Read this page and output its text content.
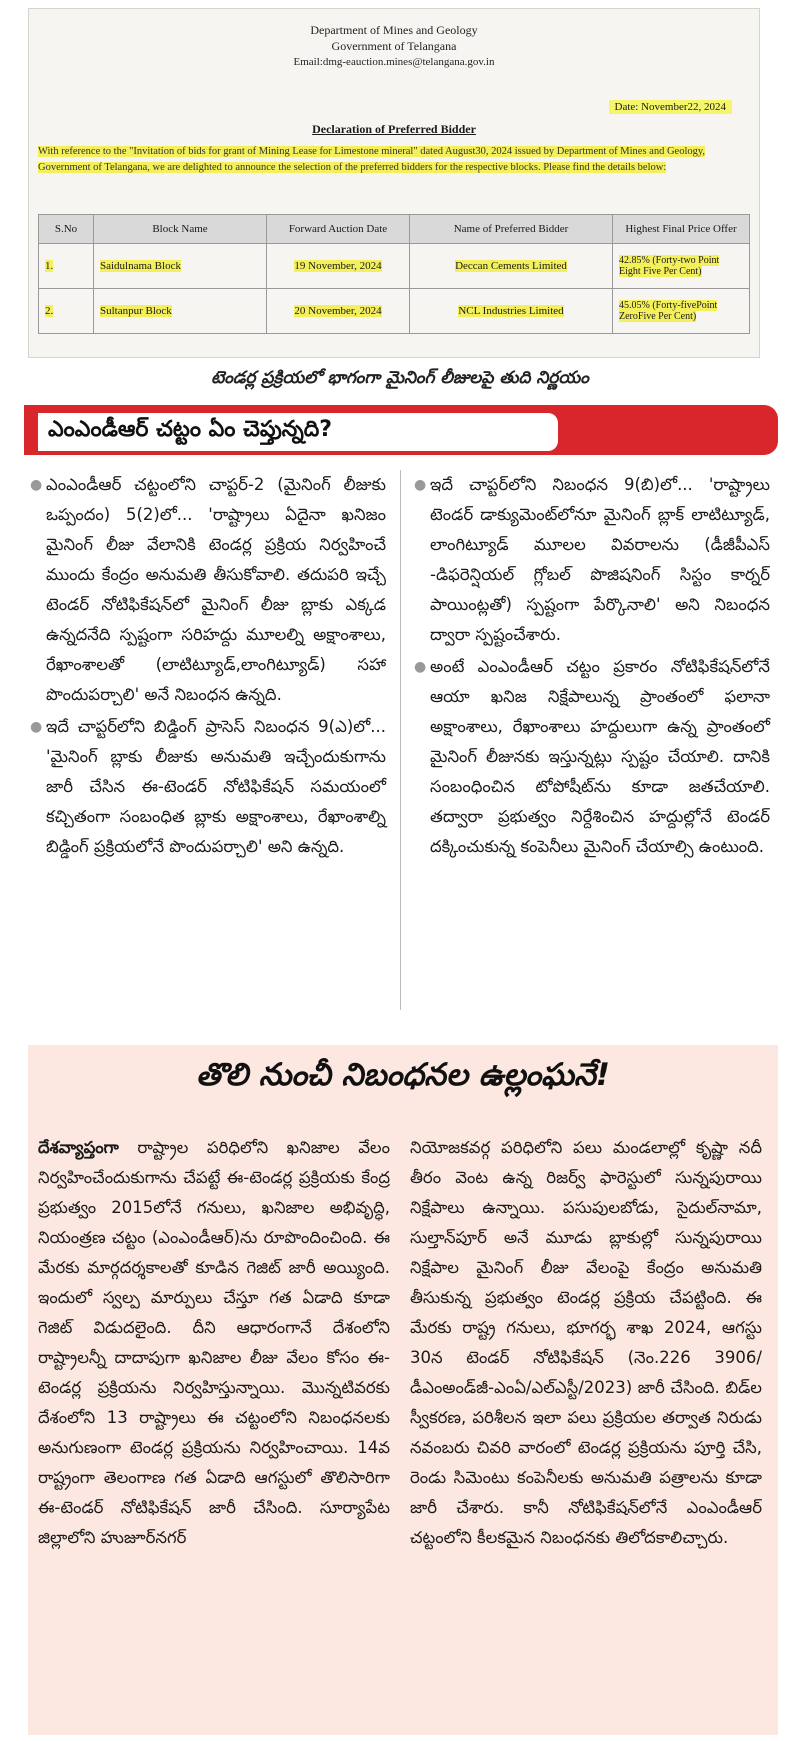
Department of Mines and Geology
Government of Telangana
Email:dmg-eauction.mines@telangana.gov.in
Date: November22, 2024
Declaration of Preferred Bidder
With reference to the "Invitation of bids for grant of Mining Lease for Limestone mineral" dated August30, 2024 issued by Department of Mines and Geology, Government of Telangana, we are delighted to announce the selection of the preferred bidders for the respective blocks. Please find the details below:
S.No	Block Name	Forward Auction Date	Name of Preferred Bidder	Highest Final Price Offer
1.	Saidulnama Block	19 November, 2024	Deccan Cements Limited	42.85% (Forty-two Point Eight Five Per Cent)
2.	Sultanpur Block	20 November, 2024	NCL Industries Limited	45.05% (Forty-fivePoint ZeroFive Per Cent)
టెండర్ల ప్రక్రియలో భాగంగా మైనింగ్ లీజులపై తుది నిర్ణయం
ఎంఎండీఆర్ చట్టం ఏం చెప్తున్నది?
● ఎంఎండీఆర్ చట్టంలోని చాప్టర్-2 (మైనింగ్ లీజుకు ఒప్పందం) 5(2)లో... 'రాష్ట్రాలు ఏదైనా ఖనిజం మైనింగ్ లీజు వేలానికి టెండర్ల ప్రక్రియ నిర్వహించే ముందు కేంద్రం అనుమతి తీసుకోవాలి. తదుపరి ఇచ్చే టెండర్ నోటిఫికేషన్‌లో మైనింగ్ లీజు బ్లాకు ఎక్కడ ఉన్నదనేది స్పష్టంగా సరిహద్దు మూలల్ని అక్షాంశాలు, రేఖాంశాలతో (లాటిట్యూడ్,లాంగిట్యూడ్) సహా పొందుపర్చాలి' అనే నిబంధన ఉన్నది.

● ఇదే చాప్టర్‌లోని బిడ్డింగ్ ప్రాసెస్ నిబంధన 9(ఎ)లో... 'మైనింగ్ బ్లాకు లీజుకు అనుమతి ఇచ్చేందుకుగాను జారీ చేసిన ఈ-టెండర్ నోటిఫికేషన్ సమయంలో కచ్చితంగా సంబంధిత బ్లాకు అక్షాంశాలు, రేఖాంశాల్ని బిడ్డింగ్ ప్రక్రియలోనే పొందుపర్చాలి' అని ఉన్నది.

● ఇదే చాప్టర్‌లోని నిబంధన 9(బి)లో... 'రాష్ట్రాలు టెండర్ డాక్యుమెంట్‌లోనూ మైనింగ్ బ్లాక్ లాటిట్యూడ్, లాంగిట్యూడ్ మూలల వివరాలను (డీజీపీఎస్ -డిఫరెన్షియల్ గ్లోబల్ పొజిషనింగ్ సిస్టం కార్నర్ పాయింట్లతో) స్పష్టంగా పేర్కొనాలి' అని నిబంధన ద్వారా స్పష్టంచేశారు.

● అంటే ఎంఎండీఆర్ చట్టం ప్రకారం నోటిఫికేషన్‌లోనే ఆయా ఖనిజ నిక్షేపాలున్న ప్రాంతంలో ఫలానా అక్షాంశాలు, రేఖాంశాలు హద్దులుగా ఉన్న ప్రాంతంలో మైనింగ్ లీజునకు ఇస్తున్నట్లు స్పష్టం చేయాలి. దానికి సంబంధించిన టోపోషీట్‌ను కూడా జతచేయాలి. తద్వారా ప్రభుత్వం నిర్దేశించిన హద్దుల్లోనే టెండర్ దక్కించుకున్న కంపెనీలు మైనింగ్ చేయాల్సి ఉంటుంది.

తొలి నుంచీ నిబంధనల ఉల్లంఘనే!

దేశవ్యాప్తంగా రాష్ట్రాల పరిధిలోని ఖనిజాల వేలం నిర్వహించేందుకుగాను చేపట్టే ఈ-టెండర్ల ప్రక్రియకు కేంద్ర ప్రభుత్వం 2015లోనే గనులు, ఖనిజాల అభివృద్ధి, నియంత్రణ చట్టం (ఎంఎండీఆర్)ను రూపొందించింది. ఈ మేరకు మార్గదర్శకాలతో కూడిన గెజిట్ జారీ అయ్యింది. ఇందులో స్వల్ప మార్పులు చేస్తూ గత ఏడాది కూడా గెజిట్ విడుదలైంది. దీని ఆధారంగానే దేశంలోని రాష్ట్రాలన్నీ దాదాపుగా ఖనిజాల లీజు వేలం కోసం ఈ-టెండర్ల ప్రక్రియను నిర్వహిస్తున్నాయి. మొన్నటివరకు దేశంలోని 13 రాష్ట్రాలు ఈ చట్టంలోని నిబంధనలకు అనుగుణంగా టెండర్ల ప్రక్రియను నిర్వహించాయి. 14వ రాష్ట్రంగా తెలంగాణ గత ఏడాది ఆగస్టులో తొలిసారిగా ఈ-టెండర్ నోటిఫికేషన్ జారీ చేసింది. సూర్యాపేట జిల్లాలోని హుజూర్‌నగర్

నియోజకవర్గ పరిధిలోని పలు మండలాల్లో కృష్ణా నదీ తీరం వెంట ఉన్న రిజర్వ్ ఫారెస్టులో సున్నపురాయి నిక్షేపాలు ఉన్నాయి. పసుపులబోడు, సైదుల్‌నామా, సుల్తాన్‌పూర్ అనే మూడు బ్లాకుల్లో సున్నపురాయి నిక్షేపాల మైనింగ్ లీజు వేలంపై కేంద్రం అనుమతి తీసుకున్న ప్రభుత్వం టెండర్ల ప్రక్రియ చేపట్టింది. ఈ మేరకు రాష్ట్ర గనులు, భూగర్భ శాఖ 2024, ఆగస్టు 30న టెండర్ నోటిఫికేషన్ (నెం.226 3906/డీఎంఅండ్‌జీ-ఎంఏ/ఎల్‌ఎస్టీ/2023) జారీ చేసింది. బిడ్‌ల స్వీకరణ, పరిశీలన ఇలా పలు ప్రక్రియల తర్వాత నిరుడు నవంబరు చివరి వారంలో టెండర్ల ప్రక్రియను పూర్తి చేసి, రెండు సిమెంటు కంపెనీలకు అనుమతి పత్రాలను కూడా జారీ చేశారు. కానీ నోటిఫికేషన్‌లోనే ఎంఎండీఆర్ చట్టంలోని కీలకమైన నిబంధనకు తిలోదకాలిచ్చారు.
